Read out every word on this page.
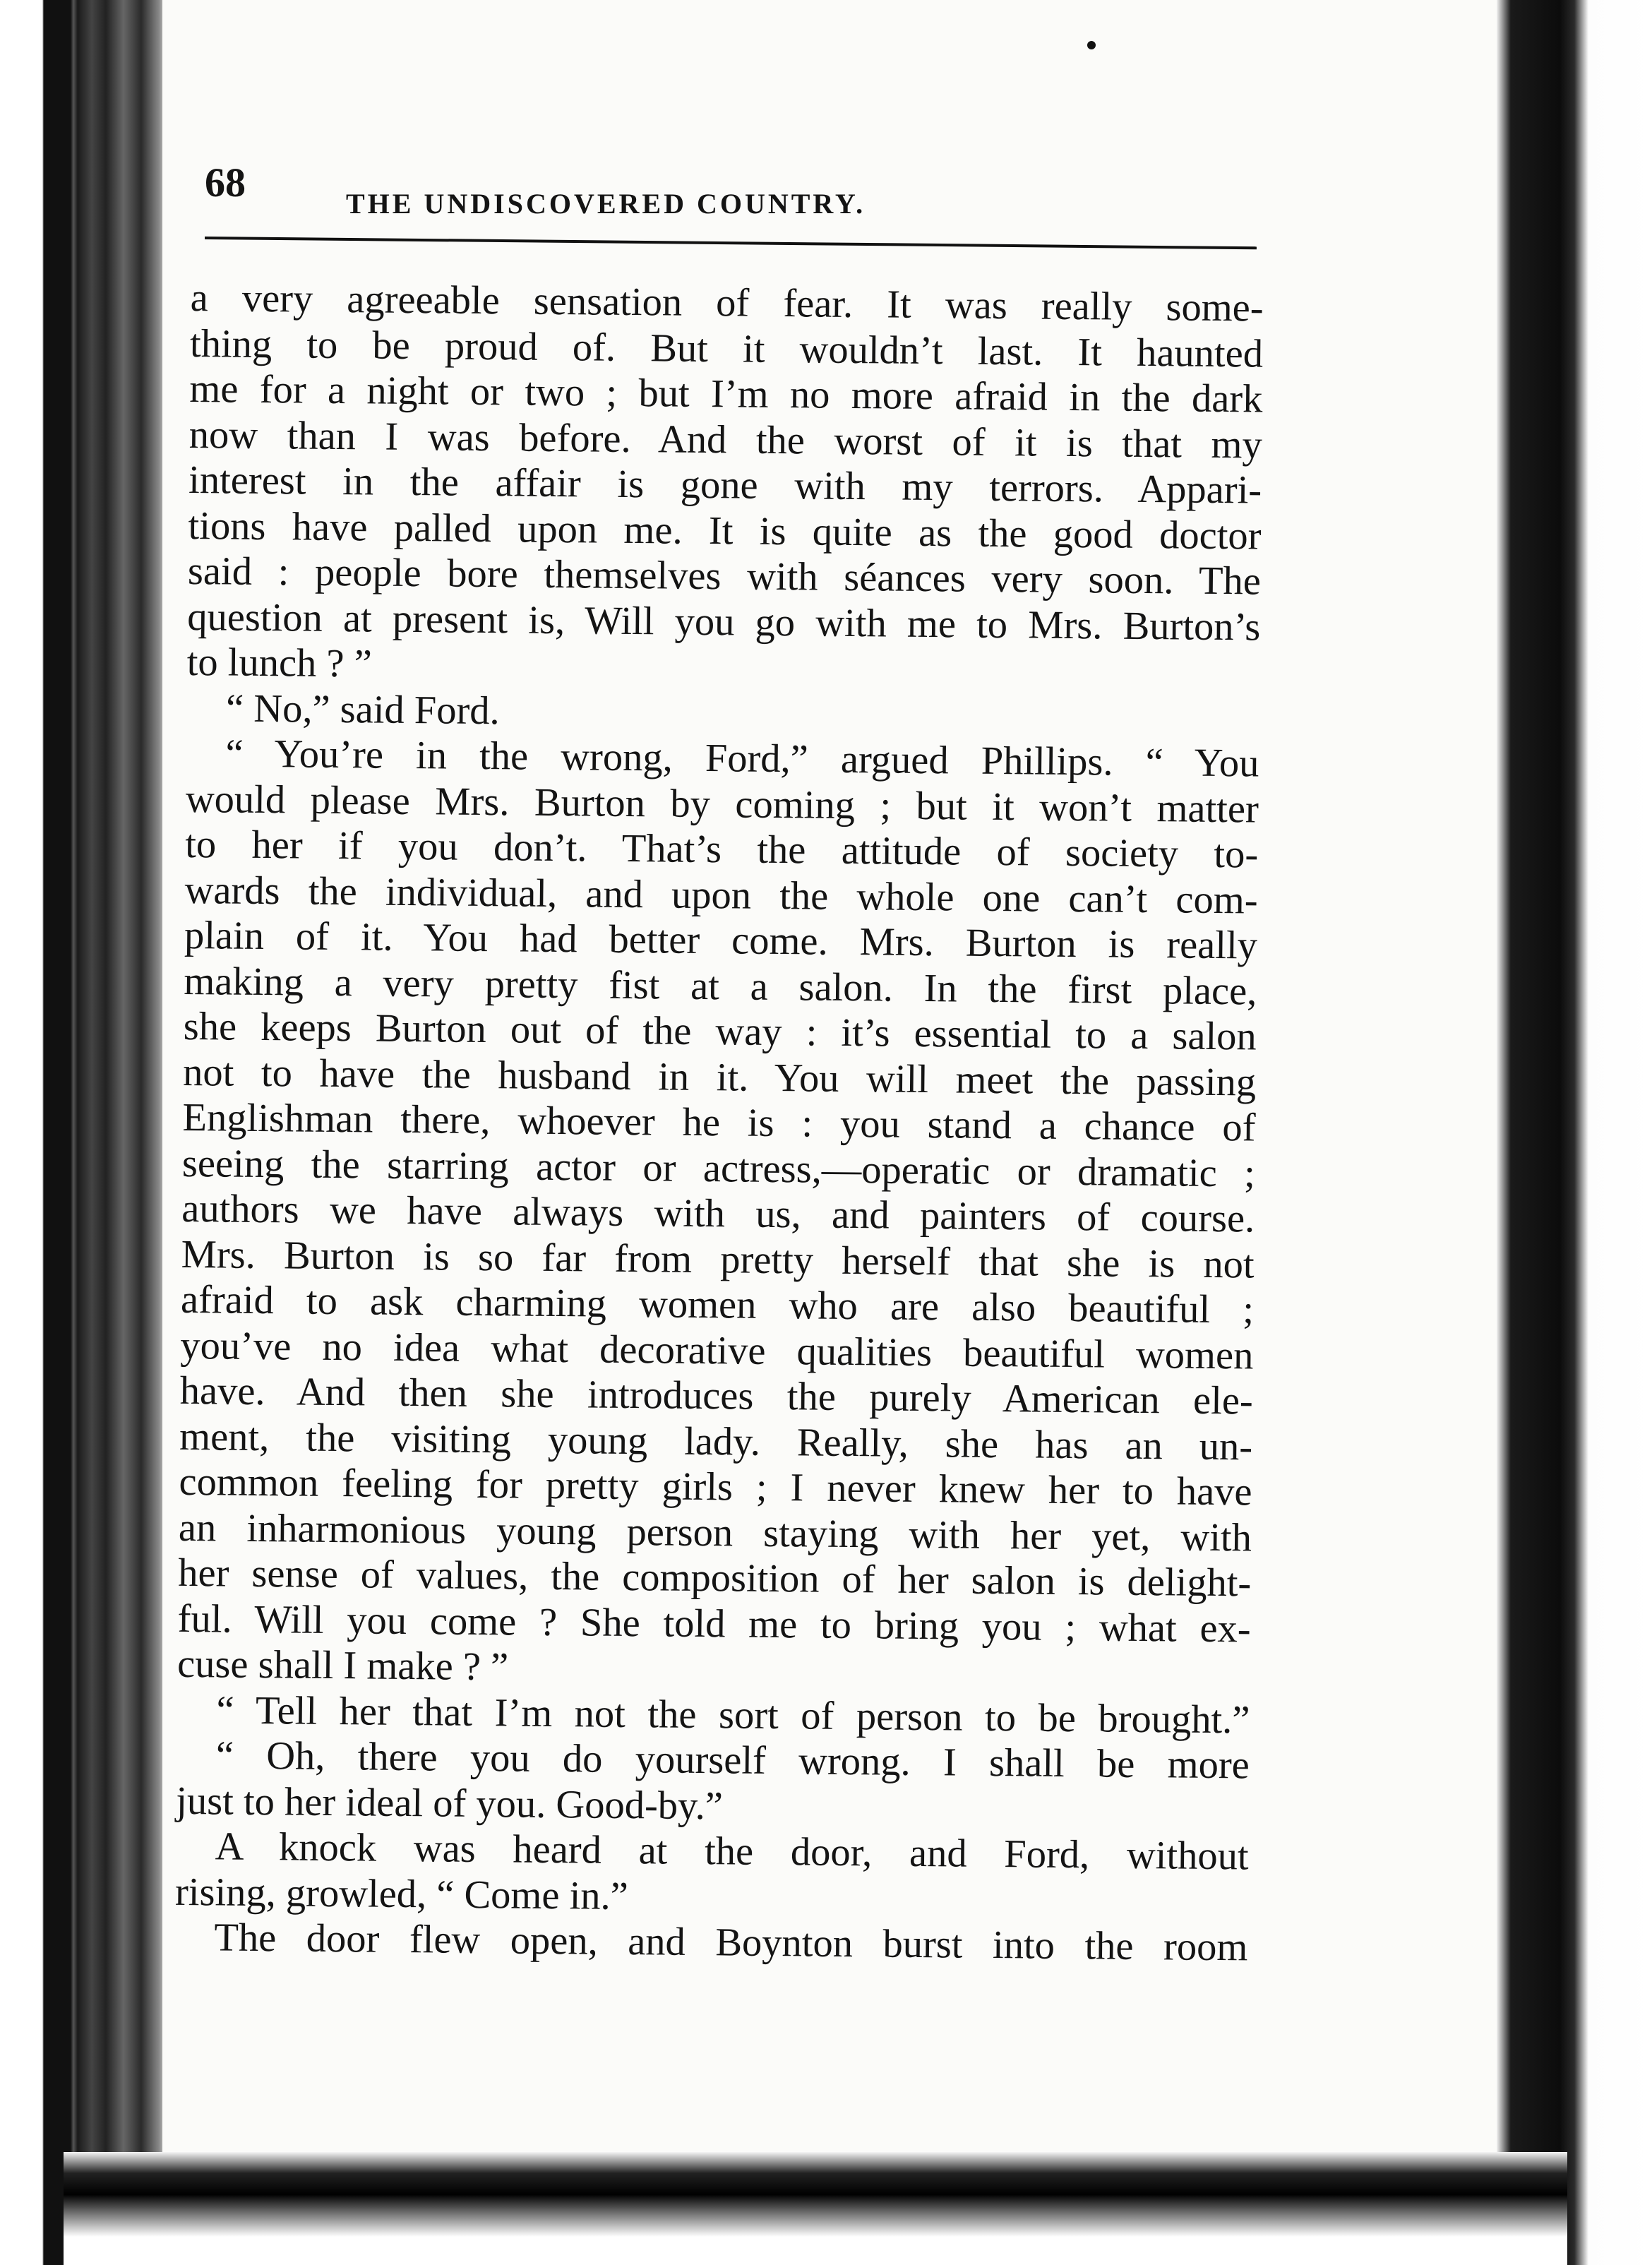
68	THE UNDISCOVERED COUNTRY.
a very agreeable sensation of fear. It was really some-
thing to be proud of. But it wouldn’t last. It haunted
me for a night or two ; but I’m no more afraid in the dark
now than I was before. And the worst of it is that my
interest in the affair is gone with my terrors. Appari-
tions have palled upon me. It is quite as the good doctor
said : people bore themselves with séances very soon. The
question at present is, Will you go with me to Mrs. Burton’s
to lunch ? ”
“ No,” said Ford.
“ You’re in the wrong, Ford,” argued Phillips. “ You
would please Mrs. Burton by coming ; but it won’t matter
to her if you don’t. That’s the attitude of society to-
wards the individual, and upon the whole one can’t com-
plain of it. You had better come. Mrs. Burton is really
making a very pretty fist at a salon. In the first place,
she keeps Burton out of the way : it’s essential to a salon
not to have the husband in it. You will meet the passing
Englishman there, whoever he is : you stand a chance of
seeing the starring actor or actress,—operatic or dramatic ;
authors we have always with us, and painters of course.
Mrs. Burton is so far from pretty herself that she is not
afraid to ask charming women who are also beautiful ;
you’ve no idea what decorative qualities beautiful women
have. And then she introduces the purely American ele-
ment, the visiting young lady. Really, she has an un-
common feeling for pretty girls ; I never knew her to have
an inharmonious young person staying with her yet, with
her sense of values, the composition of her salon is delight-
ful. Will you come ? She told me to bring you ; what ex-
cuse shall I make ? ”
“ Tell her that I’m not the sort of person to be brought.”
“ Oh, there you do yourself wrong. I shall be more
just to her ideal of you. Good-by.”
A knock was heard at the door, and Ford, without
rising, growled, “ Come in.”
The door flew open, and Boynton burst into the room
